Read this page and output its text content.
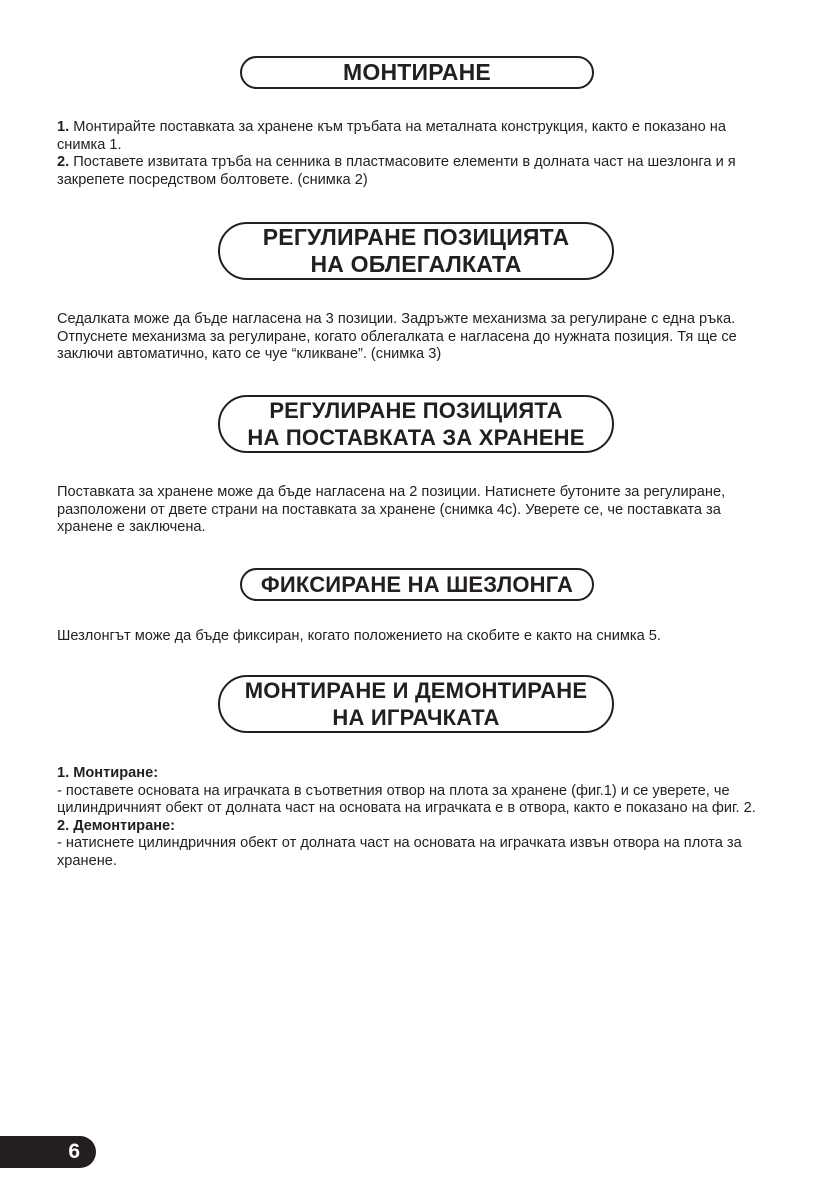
МОНТИРАНЕ

1. Монтирайте поставката за хранене към тръбата на металната конструкция, както е показано на снимка 1.

2. Поставете извитата тръба на сенника в пластмасовите елементи в долната част на шезлонга и я закрепете посредством болтовете. (снимка 2)

РЕГУЛИРАНЕ ПОЗИЦИЯТА
НА ОБЛЕГАЛКАТА

Седалката може да бъде нагласена на 3 позиции. Задръжте механизма за регулиране с една ръка. Отпуснете механизма за регулиране, когато облегалката е нагласена до нужната позиция. Тя ще се заключи автоматично, като се чуе “кликване”. (снимка 3)

РЕГУЛИРАНЕ ПОЗИЦИЯТА
НА ПОСТАВКАТА ЗА ХРАНЕНЕ

Поставката за хранене може да бъде нагласена на 2 позиции. Натиснете бутоните за регулиране, разположени от двете страни на поставката за хранене (снимка 4с). Уверете се, че поставката за хранене е заключена.

ФИКСИРАНЕ НА ШЕЗЛОНГА

Шезлонгът може да бъде фиксиран, когато положението на скобите е както на снимка 5.

МОНТИРАНЕ И ДЕМОНТИРАНЕ
НА ИГРАЧКАТА

1. Монтиране:

- поставете основата на играчката в съответния отвор на плота за хранене (фиг.1) и се уверете, че цилиндричният обект от долната част на основата на играчката е в отвора, както е показано на фиг. 2.

2. Демонтиране:

- натиснете цилиндричния обект от долната част на основата на играчката извън отвора на плота за хранене.

6
